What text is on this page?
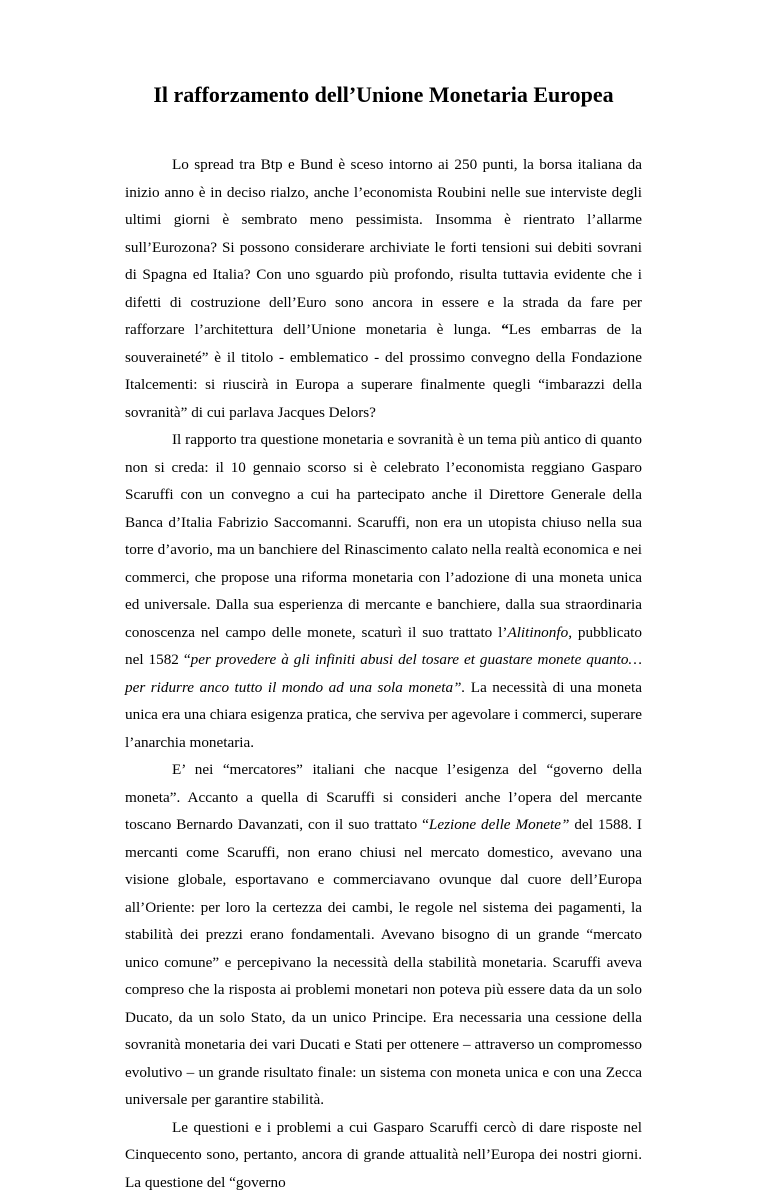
Il rafforzamento dell’Unione Monetaria Europea

Lo spread tra Btp e Bund è sceso intorno ai 250 punti, la borsa italiana da inizio anno è in deciso rialzo, anche l’economista Roubini nelle sue interviste degli ultimi giorni è sembrato meno pessimista. Insomma è rientrato l’allarme sull’Eurozona? Si possono considerare archiviate le forti tensioni sui debiti sovrani di Spagna ed Italia? Con uno sguardo più profondo, risulta tuttavia evidente che i difetti di costruzione dell’Euro sono ancora in essere e la strada da fare per rafforzare l’architettura dell’Unione monetaria è lunga. “Les embarras de la souveraineté” è il titolo - emblematico - del prossimo convegno della Fondazione Italcementi: si riuscirà in Europa a superare finalmente quegli “imbarazzi della sovranità” di cui parlava Jacques Delors?

Il rapporto tra questione monetaria e sovranità è un tema più antico di quanto non si creda: il 10 gennaio scorso si è celebrato l’economista reggiano Gasparo Scaruffi con un convegno a cui ha partecipato anche il Direttore Generale della Banca d’Italia Fabrizio Saccomanni. Scaruffi, non era un utopista chiuso nella sua torre d’avorio, ma un banchiere del Rinascimento calato nella realtà economica e nei commerci, che propose una riforma monetaria con l’adozione di una moneta unica ed universale. Dalla sua esperienza di mercante e banchiere, dalla sua straordinaria conoscenza nel campo delle monete, scaturì il suo trattato l’Alitinonfo, pubblicato nel 1582 “per provedere à gli infiniti abusi del tosare et guastare monete quanto…per ridurre anco tutto il mondo ad una sola moneta”. La necessità di una moneta unica era una chiara esigenza pratica, che serviva per agevolare i commerci, superare l’anarchia monetaria.

E’ nei “mercatores” italiani che nacque l’esigenza del “governo della moneta”. Accanto a quella di Scaruffi si consideri anche l’opera del mercante toscano Bernardo Davanzati, con il suo trattato “Lezione delle Monete” del 1588. I mercanti come Scaruffi, non erano chiusi nel mercato domestico, avevano una visione globale, esportavano e commerciavano ovunque dal cuore dell’Europa all’Oriente: per loro la certezza dei cambi, le regole nel sistema dei pagamenti, la stabilità dei prezzi erano fondamentali. Avevano bisogno di un grande “mercato unico comune” e percepivano la necessità della stabilità monetaria. Scaruffi aveva compreso che la risposta ai problemi monetari non poteva più essere data da un solo Ducato, da un solo Stato, da un unico Principe. Era necessaria una cessione della sovranità monetaria dei vari Ducati e Stati per ottenere – attraverso un compromesso evolutivo – un grande risultato finale: un sistema con moneta unica e con una Zecca universale per garantire stabilità.

Le questioni e i problemi a cui Gasparo Scaruffi cercò di dare risposte nel Cinquecento sono, pertanto, ancora di grande attualità nell’Europa dei nostri giorni. La questione del “governo
